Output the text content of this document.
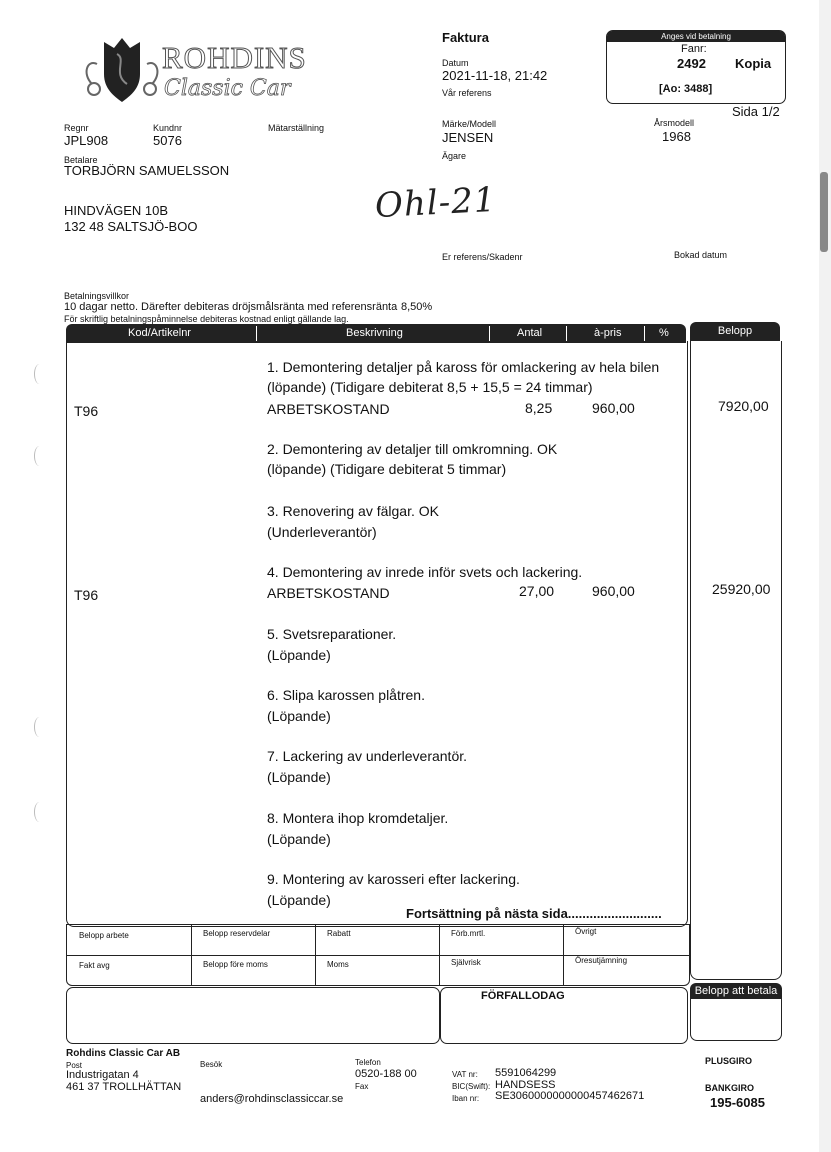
ROHDINS
Classic Car
Faktura
Datum
2021-11-18, 21:42
Vår referens
Anges vid betalning
Fanr:
2492 Kopia
[Ao: 3488]
Sida 1/2
Regnr
JPL908
Kundnr
5076
Mätarställning
Betalare
TORBJÖRN SAMUELSSON
HINDVÄGEN 10B
132 48 SALTSJÖ-BOO
Märke/Modell
JENSEN
Ägare
Årsmodell
1968
Ohl-21
Er referens/Skadenr	Bokad datum
Betalningsvillkor
10 dagar netto. Därefter debiteras dröjsmålsränta med referensränta 8,50%
För skriftlig betalningspåminnelse debiteras kostnad enligt gällande lag.
Kod/Artikelnr	Beskrivning	Antal	à-pris	%	Belopp
1. Demontering detaljer på kaross för omlackering av hela bilen
(löpande) (Tidigare debiterat 8,5 + 15,5 = 24 timmar)
T96	ARBETSKOSTAND	8,25	960,00	7920,00
2. Demontering av detaljer till omkromning. OK
(löpande) (Tidigare debiterat 5 timmar)
3. Renovering av fälgar. OK
(Underleverantör)
4. Demontering av inrede inför svets och lackering.
T96	ARBETSKOSTAND	27,00	960,00	25920,00
5. Svetsreparationer.
(Löpande)
6. Slipa karossen plåtren.
(Löpande)
7. Lackering av underleverantör.
(Löpande)
8. Montera ihop kromdetaljer.
(Löpande)
9. Montering av karosseri efter lackering.
(Löpande)
Fortsättning på nästa sida..........................
Belopp arbete	Belopp reservdelar	Rabatt	Förb.mrtl.	Övrigt
Fakt avg	Belopp före moms	Moms	Självrisk	Öresutjämning
FÖRFALLODAG	Belopp att betala
Rohdins Classic Car AB
Post
Industrigatan 4
461 37 TROLLHÄTTAN
Besök
anders@rohdinsclassiccar.se
Telefon
0520-188 00
Fax
VAT nr: 5591064299
BIC(Swift): HANDSESS
Iban nr: SE3060000000000457462671
PLUSGIRO
BANKGIRO
195-6085
